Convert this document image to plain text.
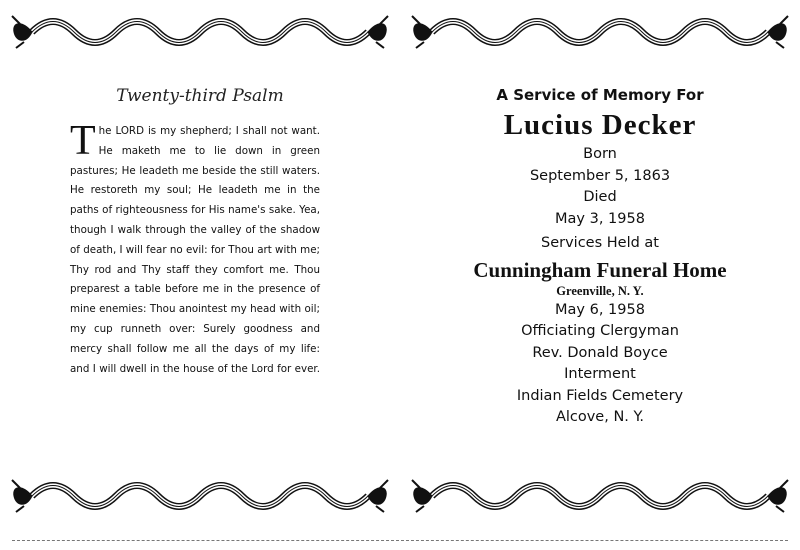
Twenty-third Psalm

The LORD is my shepherd; I shall not want. He maketh me to lie down in green pastures; He leadeth me beside the still waters. He restoreth my soul; He leadeth me in the paths of righteousness for His name's sake. Yea, though I walk through the valley of the shadow of death, I will fear no evil: for Thou art with me; Thy rod and Thy staff they comfort me. Thou preparest a table before me in the presence of mine enemies: Thou anointest my head with oil; my cup runneth over: Surely goodness and mercy shall follow me all the days of my life: and I will dwell in the house of the Lord for ever.

A Service of Memory For
Lucius Decker
Born
September 5, 1863
Died
May 3, 1958
Services Held at
Cunningham Funeral Home
Greenville, N. Y.
May 6, 1958
Officiating Clergyman
Rev. Donald Boyce
Interment
Indian Fields Cemetery
Alcove, N. Y.
